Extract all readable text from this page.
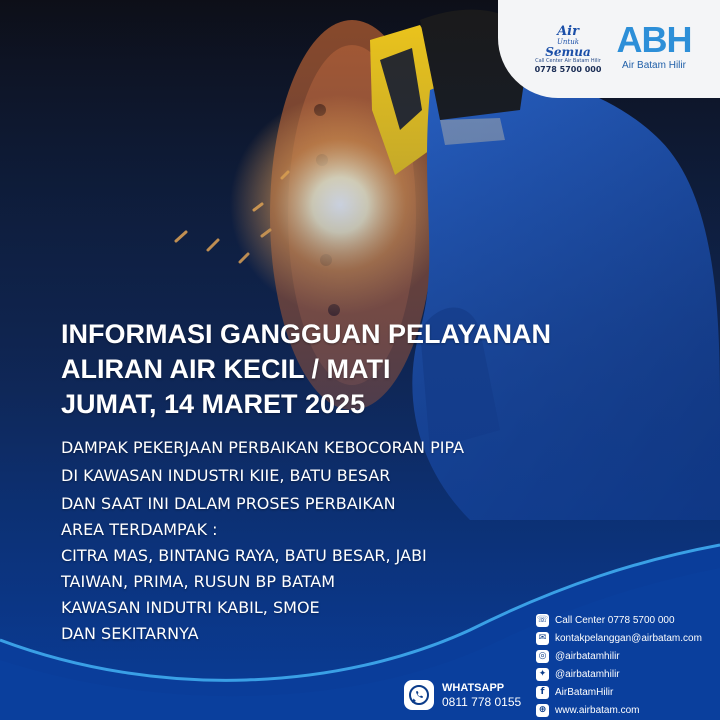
Air
Untuk
Semua
Call Center Air Batam Hilir
0778 5700 000
ABH
Air Batam Hilir
INFORMASI GANGGUAN PELAYANAN
ALIRAN AIR KECIL / MATI
JUMAT, 14 MARET 2025
DAMPAK PEKERJAAN PERBAIKAN KEBOCORAN PIPA
DI KAWASAN INDUSTRI KIIE, BATU BESAR
DAN SAAT INI DALAM PROSES PERBAIKAN
AREA TERDAMPAK :
CITRA MAS, BINTANG RAYA, BATU BESAR, JABI
TAIWAN, PRIMA, RUSUN BP BATAM
KAWASAN INDUTRI KABIL, SMOE
DAN SEKITARNYA
WHATSAPP
0811 778 0155
☏ Call Center 0778 5700 000
✉ kontakpelanggan@airbatam.com
◎ @airbatamhilir
✦ @airbatamhilir
f	AirBatamHilir
⊕ www.airbatam.com
